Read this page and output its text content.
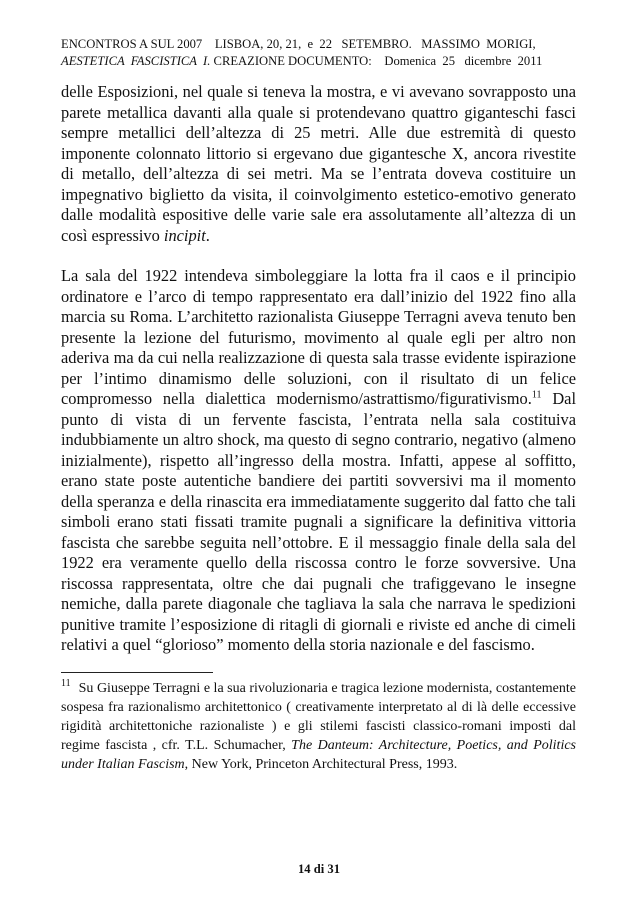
ENCONTROS A SUL 2007    LISBOA, 20, 21,  e  22   SETEMBRO.   MASSIMO  MORIGI,
AESTETICA  FASCISTICA  I. CREAZIONE DOCUMENTO:    Domenica  25   dicembre  2011

delle Esposizioni, nel quale si teneva la mostra, e vi avevano sovrapposto una parete metallica davanti alla quale si protendevano quattro giganteschi fasci sempre metallici dell’altezza di 25 metri. Alle due estremità di questo imponente colonnato littorio si ergevano due gigantesche X, ancora rivestite di metallo, dell’altezza di sei metri. Ma se l’entrata doveva costituire un impegnativo biglietto da visita, il coinvolgimento estetico-emotivo generato dalle modalità espositive delle varie sale era assolutamente all’altezza di un così espressivo incipit.

La sala del 1922 intendeva simboleggiare la lotta fra il caos e il principio ordinatore e l’arco di tempo rappresentato era dall’inizio del 1922 fino alla marcia su Roma. L’architetto razionalista Giuseppe Terragni aveva tenuto ben presente la lezione del futurismo, movimento al quale egli per altro non aderiva ma da cui nella realizzazione di questa sala trasse evidente ispirazione per l’intimo dinamismo delle soluzioni, con il risultato di un felice compromesso nella dialettica modernismo/astrattismo/figurativismo.$^{11}$ Dal punto di vista di un fervente fascista, l’entrata nella sala costituiva indubbiamente un altro shock, ma questo di segno contrario, negativo (almeno inizialmente), rispetto all’ingresso della mostra. Infatti, appese al soffitto, erano state poste autentiche bandiere dei partiti sovversivi ma il momento della speranza e della rinascita era immediatamente suggerito dal fatto che tali simboli erano stati fissati tramite pugnali a significare la definitiva vittoria fascista che sarebbe seguita nell’ottobre. E il messaggio finale della sala del 1922 era veramente quello della riscossa contro le forze sovversive. Una riscossa rappresentata, oltre che dai pugnali che trafiggevano le insegne nemiche, dalla parete diagonale che tagliava la sala che narrava le spedizioni punitive tramite l’esposizione di ritagli di giornali e riviste ed anche di cimeli relativi a quel “glorioso” momento della storia nazionale e del fascismo.

$^{11}$ Su Giuseppe Terragni e la sua rivoluzionaria e tragica lezione modernista, costantemente sospesa fra razionalismo architettonico ( creativamente interpretato al di là delle eccessive rigidità architettoniche razionaliste ) e gli stilemi fascisti classico-romani imposti dal regime fascista , cfr. T.L. Schumacher, The Danteum: Architecture, Poetics, and Politics under Italian Fascism, New York, Princeton Architectural Press, 1993.
14 di 31
